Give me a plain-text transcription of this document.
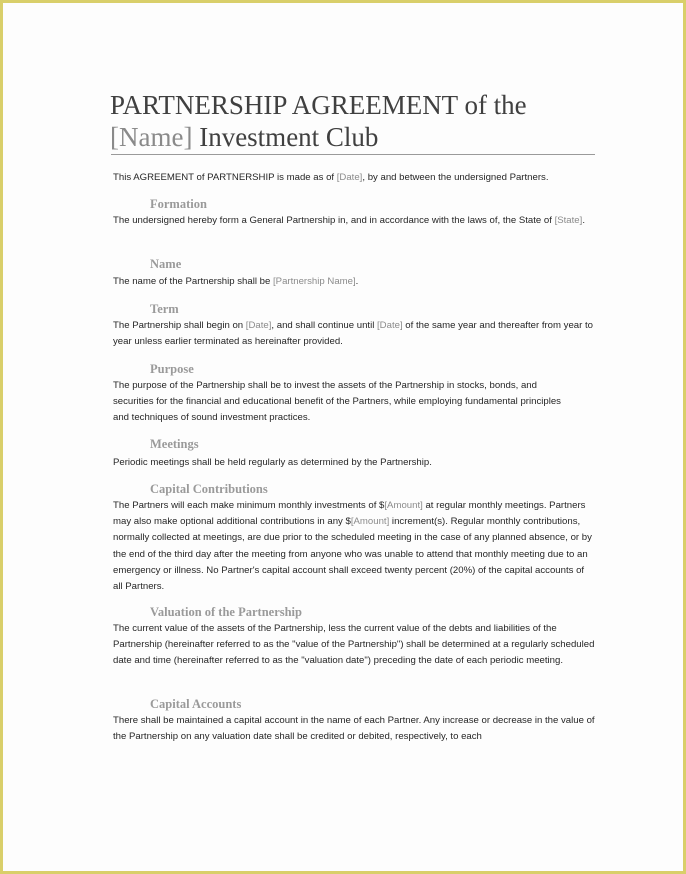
PARTNERSHIP AGREEMENT of the
[Name] Investment Club

This AGREEMENT of PARTNERSHIP is made as of [Date], by and between the undersigned Partners.

Formation

The undersigned hereby form a General Partnership in, and in accordance with the laws of, the State of [State].

Name

The name of the Partnership shall be [Partnership Name].

Term

The Partnership shall begin on [Date], and shall continue until [Date] of the same year and thereafter from year to year unless earlier terminated as hereinafter provided.

Purpose

The purpose of the Partnership shall be to invest the assets of the Partnership in stocks, bonds, and securities for the financial and educational benefit of the Partners, while employing fundamental principles and techniques of sound investment practices.

Meetings

Periodic meetings shall be held regularly as determined by the Partnership.

Capital Contributions

The Partners will each make minimum monthly investments of $[Amount] at regular monthly meetings. Partners may also make optional additional contributions in any $[Amount] increment(s). Regular monthly contributions, normally collected at meetings, are due prior to the scheduled meeting in the case of any planned absence, or by the end of the third day after the meeting from anyone who was unable to attend that monthly meeting due to an emergency or illness. No Partner's capital account shall exceed twenty percent (20%) of the capital accounts of all Partners.

Valuation of the Partnership

The current value of the assets of the Partnership, less the current value of the debts and liabilities of the Partnership (hereinafter referred to as the "value of the Partnership") shall be determined at a regularly scheduled date and time (hereinafter referred to as the "valuation date") preceding the date of each periodic meeting.

Capital Accounts

There shall be maintained a capital account in the name of each Partner. Any increase or decrease in the value of the Partnership on any valuation date shall be credited or debited, respectively, to each
